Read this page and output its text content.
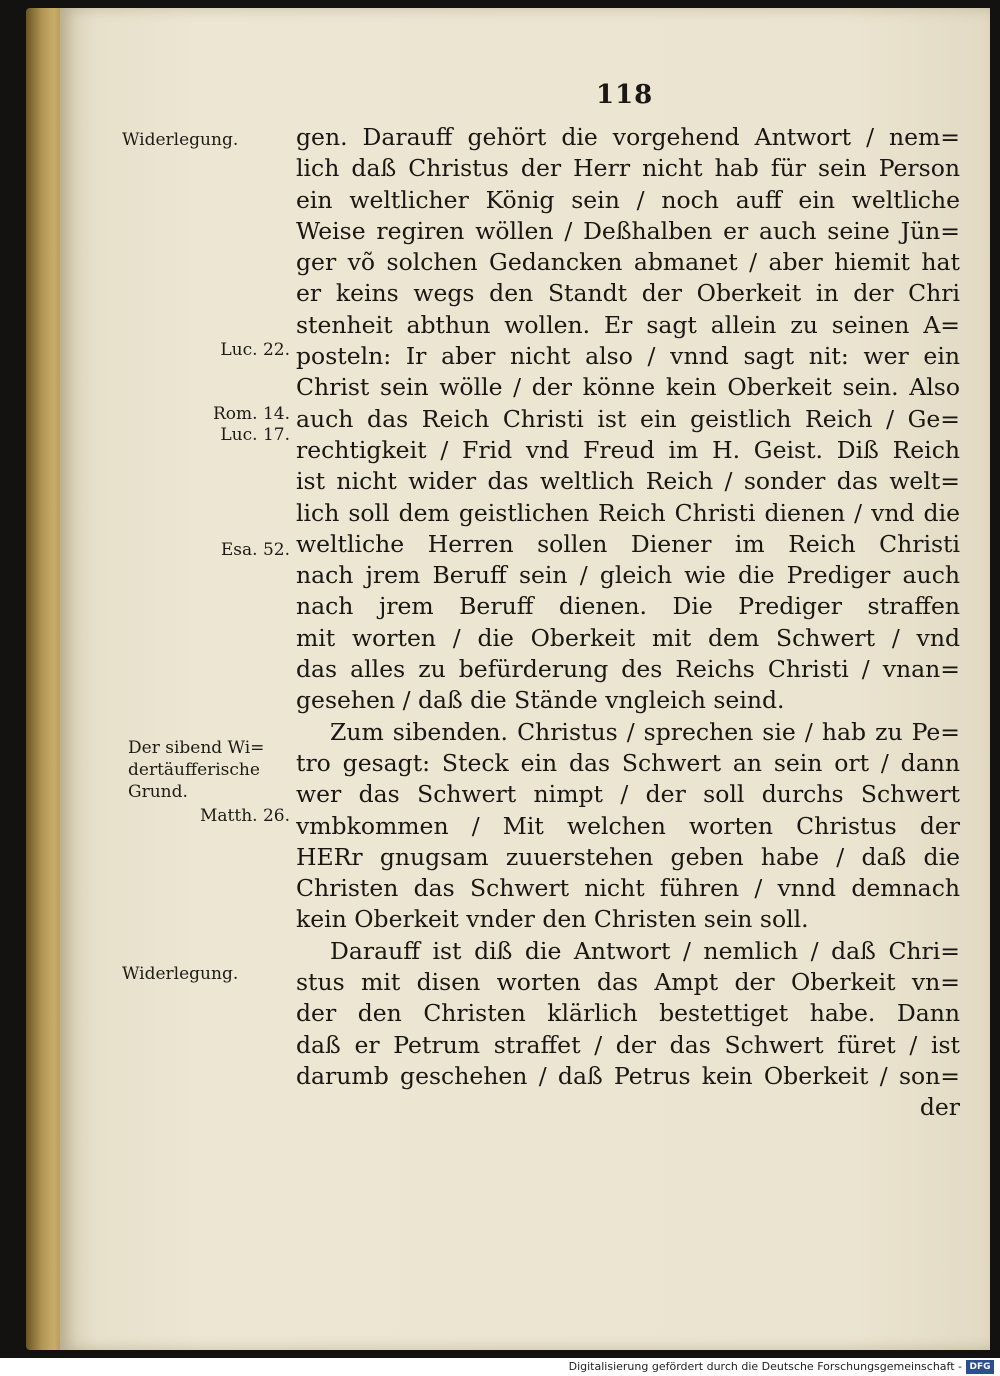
118
Widerlegung.
Luc. 22.
Rom. 14.
Luc. 17.
Esa. 52.
Der sibend Wi=
dertäufferische
Grund.
Matth. 26.
Widerlegung.
gen. Darauff gehört die vorgehend Antwort / nem=
lich daß Christus der Herr nicht hab für sein Person
ein weltlicher König sein / noch auff ein weltliche
Weise regiren wöllen / Deßhalben er auch seine Jün=
ger võ solchen Gedancken abmanet / aber hiemit hat
er keins wegs den Standt der Oberkeit in der Chri
stenheit abthun wollen. Er sagt allein zu seinen A=
posteln: Ir aber nicht also / vnnd sagt nit: wer ein
Christ sein wölle / der könne kein Oberkeit sein. Also
auch das Reich Christi ist ein geistlich Reich / Ge=
rechtigkeit / Frid vnd Freud im H. Geist. Diß Reich
ist nicht wider das weltlich Reich / sonder das welt=
lich soll dem geistlichen Reich Christi dienen / vnd die
weltliche Herren sollen Diener im Reich Christi
nach jrem Beruff sein / gleich wie die Prediger auch
nach jrem Beruff dienen. Die Prediger straffen
mit worten / die Oberkeit mit dem Schwert / vnd
das alles zu befürderung des Reichs Christi / vnan=
gesehen / daß die Stände vngleich seind.
Zum sibenden. Christus / sprechen sie / hab zu Pe=
tro gesagt: Steck ein das Schwert an sein ort / dann
wer das Schwert nimpt / der soll durchs Schwert
vmbkommen / Mit welchen worten Christus der
HERr gnugsam zuuerstehen geben habe / daß die
Christen das Schwert nicht führen / vnnd demnach
kein Oberkeit vnder den Christen sein soll.
Darauff ist diß die Antwort / nemlich / daß Chri=
stus mit disen worten das Ampt der Oberkeit vn=
der den Christen klärlich bestettiget habe. Dann
daß er Petrum straffet / der das Schwert füret / ist
darumb geschehen / daß Petrus kein Oberkeit / son=
der
Digitalisierung gefördert durch die Deutsche Forschungsgemeinschaft - DFG
